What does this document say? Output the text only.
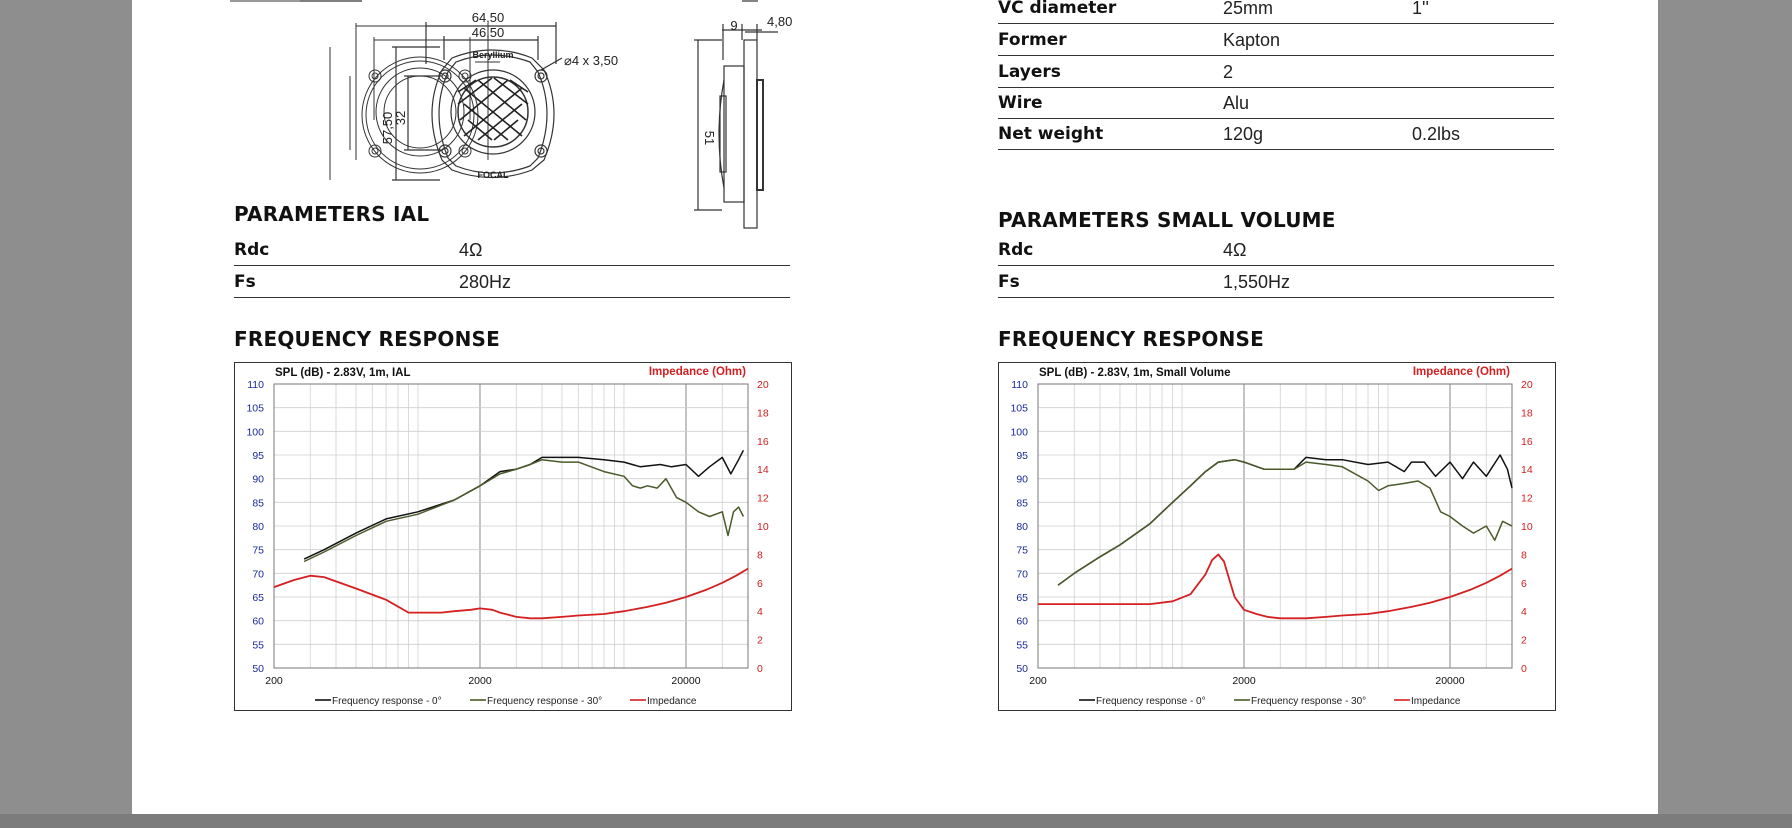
64,50
46,50
⌀4 x 3,50
57,50
32
Beryllium
FOCAL
9 4,80
51
VC diameter	25mm	1''
Former	Kapton
Layers	2
Wire	Alu
Net weight	120g	0.2lbs
PARAMETERS IAL
Rdc	4Ω
Fs	280Hz
PARAMETERS SMALL VOLUME
Rdc	4Ω
Fs	1,550Hz
FREQUENCY RESPONSE	FREQUENCY RESPONSE
SPL (dB) - 2.83V, 1m, IAL	Impedance (Ohm)
50
55
60
65
70
75
80
85
90
95
100
105
110
0
2
4
6
8
10
12
14
16
18
20
200	2000	20000
Frequency response - 0°	Frequency response - 30°	Impedance
SPL (dB) - 2.83V, 1m, Small Volume	Impedance (Ohm)
50
55
60
65
70
75
80
85
90
95
100
105
110
0
2
4
6
8
10
12
14
16
18
20
200	2000	20000
Frequency response - 0°	Frequency response - 30°	Impedance
